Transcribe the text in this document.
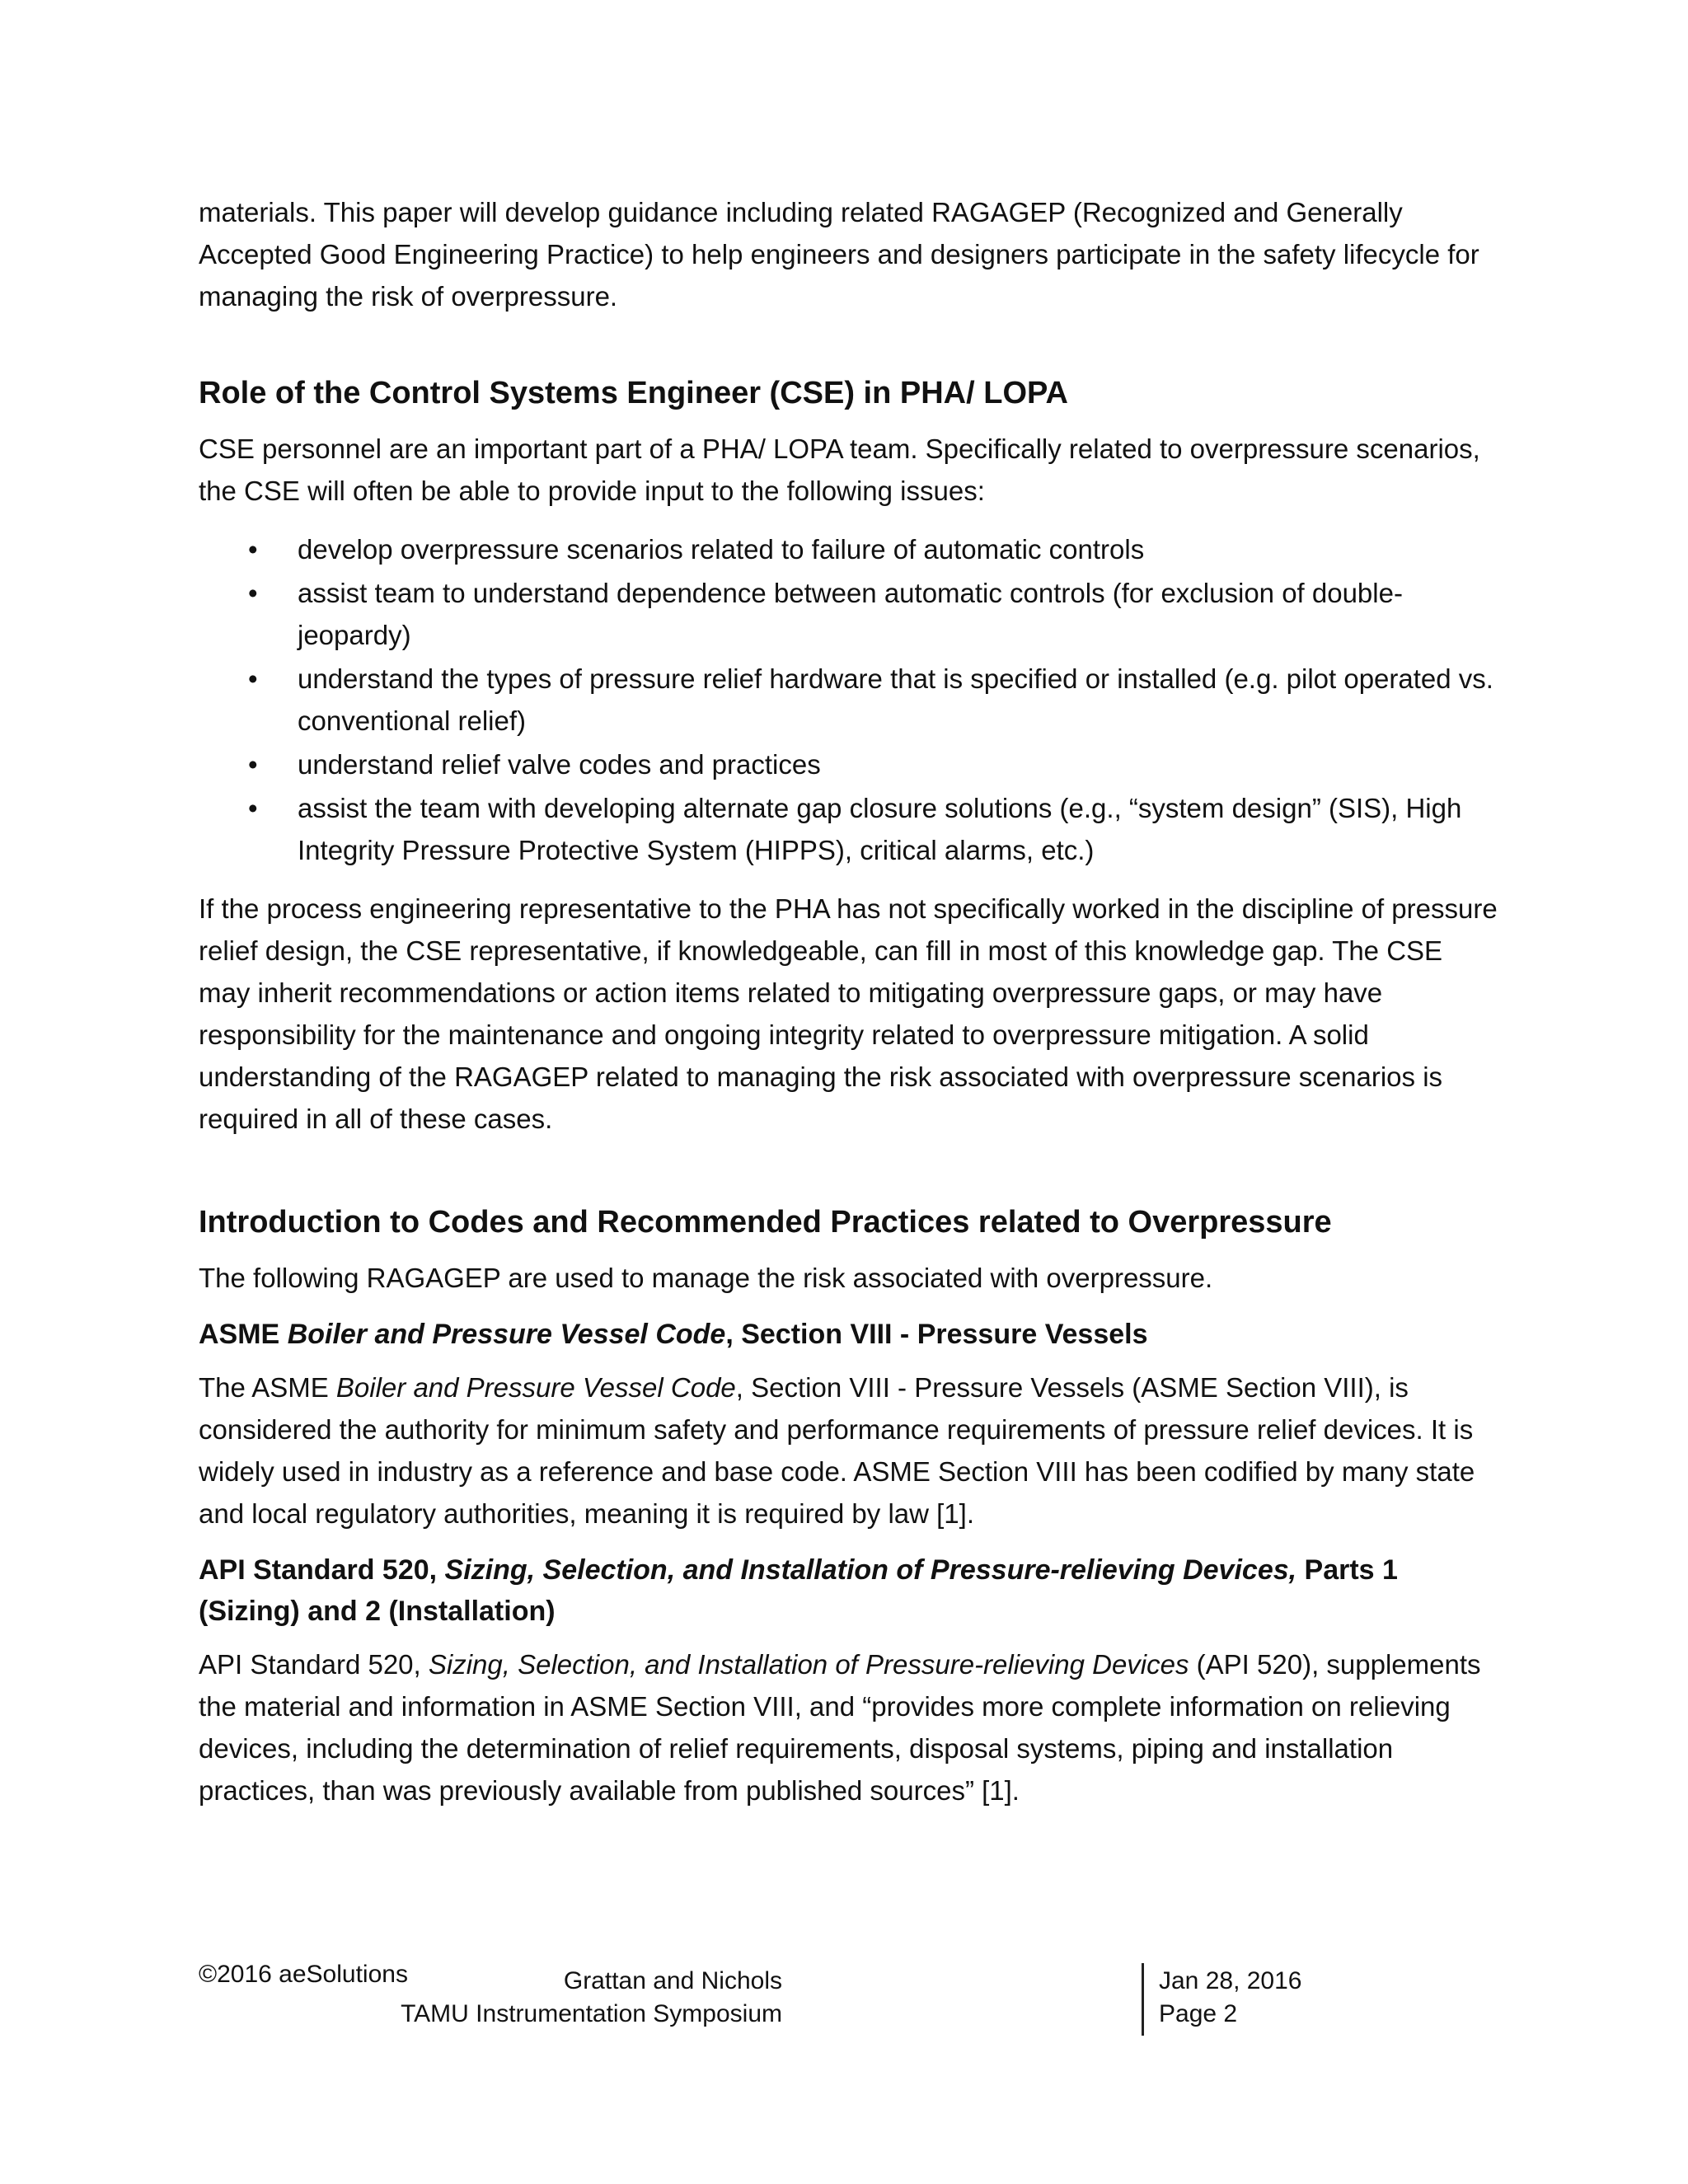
materials. This paper will develop guidance including related RAGAGEP (Recognized and Generally Accepted Good Engineering Practice) to help engineers and designers participate in the safety lifecycle for managing the risk of overpressure.

Role of the Control Systems Engineer (CSE) in PHA/ LOPA

CSE personnel are an important part of a PHA/ LOPA team. Specifically related to overpressure scenarios, the CSE will often be able to provide input to the following issues:

• develop overpressure scenarios related to failure of automatic controls
• assist team to understand dependence between automatic controls (for exclusion of double-jeopardy)
• understand the types of pressure relief hardware that is specified or installed (e.g. pilot operated vs. conventional relief)
• understand relief valve codes and practices
• assist the team with developing alternate gap closure solutions (e.g., “system design” (SIS), High Integrity Pressure Protective System (HIPPS), critical alarms, etc.)

If the process engineering representative to the PHA has not specifically worked in the discipline of pressure relief design, the CSE representative, if knowledgeable, can fill in most of this knowledge gap. The CSE may inherit recommendations or action items related to mitigating overpressure gaps, or may have responsibility for the maintenance and ongoing integrity related to overpressure mitigation. A solid understanding of the RAGAGEP related to managing the risk associated with overpressure scenarios is required in all of these cases.

Introduction to Codes and Recommended Practices related to Overpressure

The following RAGAGEP are used to manage the risk associated with overpressure.

ASME Boiler and Pressure Vessel Code, Section VIII - Pressure Vessels

The ASME Boiler and Pressure Vessel Code, Section VIII - Pressure Vessels (ASME Section VIII), is considered the authority for minimum safety and performance requirements of pressure relief devices. It is widely used in industry as a reference and base code. ASME Section VIII has been codified by many state and local regulatory authorities, meaning it is required by law [1].

API Standard 520, Sizing, Selection, and Installation of Pressure-relieving Devices, Parts 1 (Sizing) and 2 (Installation)

API Standard 520, Sizing, Selection, and Installation of Pressure-relieving Devices (API 520), supplements the material and information in ASME Section VIII, and “provides more complete information on relieving devices, including the determination of relief requirements, disposal systems, piping and installation practices, than was previously available from published sources” [1].

©2016 aeSolutions	Grattan and Nichols
TAMU Instrumentation Symposium
Jan 28, 2016
Page 2
